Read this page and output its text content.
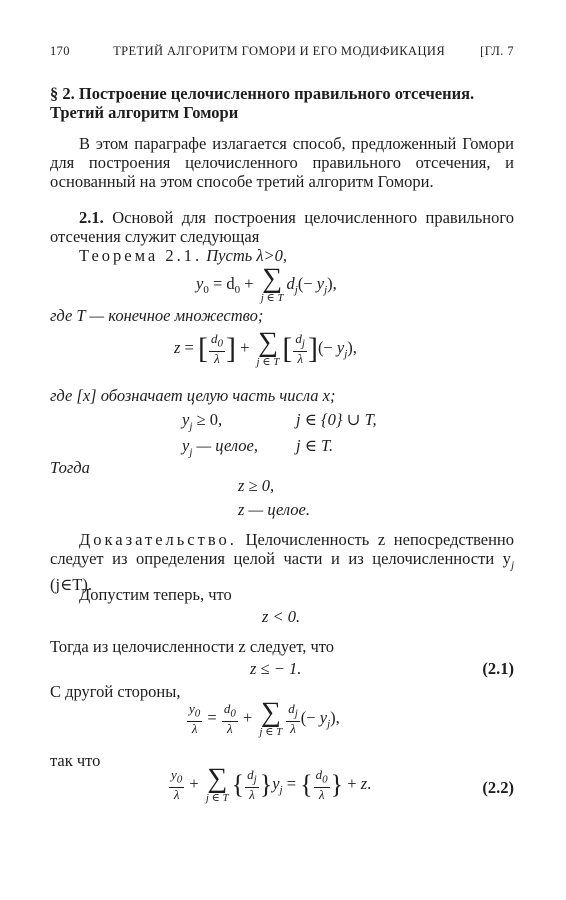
170	ТРЕТИЙ АЛГОРИТМ ГОМОРИ И ЕГО МОДИФИКАЦИЯ	[ГЛ. 7
§ 2. Построение целочисленного правильного отсечения.
Третий алгоритм Гомори
В этом параграфе излагается способ, предложенный Гомори для построения целочисленного правильного отсечения, и основанный на этом способе третий алгоритм Гомори.
2.1. Основой для построения целочисленного правильного отсечения служит следующая
Теорема 2.1. Пусть λ>0,
$y_0 = d_0$ + ∑
j ∈ T
$d_j(- y_j)$,
где T — конечное множество;
z = [ $\frac{d_0}{\lambda}$ ] + ∑
j ∈ T [ $\frac{d_j}{\lambda}$ ](− $y_j$),
где [x] обозначает целую часть числа x;
$y_j \ge 0$,	j ∈ {0} ∪ T,
$y_j$ — целое, j ∈ T.
Тогда
z ≥ 0,
z — целое.
Доказательство. Целочисленность z непосредственно следует из определения целой части и из целочисленности $y_j$ (j∈T).
Допустим теперь, что
z < 0.
Тогда из целочисленности z следует, что
z ≤ − 1.	(2.1)
С другой стороны,
$\frac{y_0}{\lambda} = \frac{d_0}{\lambda}$ + ∑
j ∈ T $\frac{d_j}{\lambda}$ (− $y_j$),
так что
$\frac{y_0}{\lambda}$ + ∑
j ∈ T { $\frac{d_j}{\lambda} \}y_j$ = { $\frac{d_0}{\lambda}$ } + z.	(2.2)
